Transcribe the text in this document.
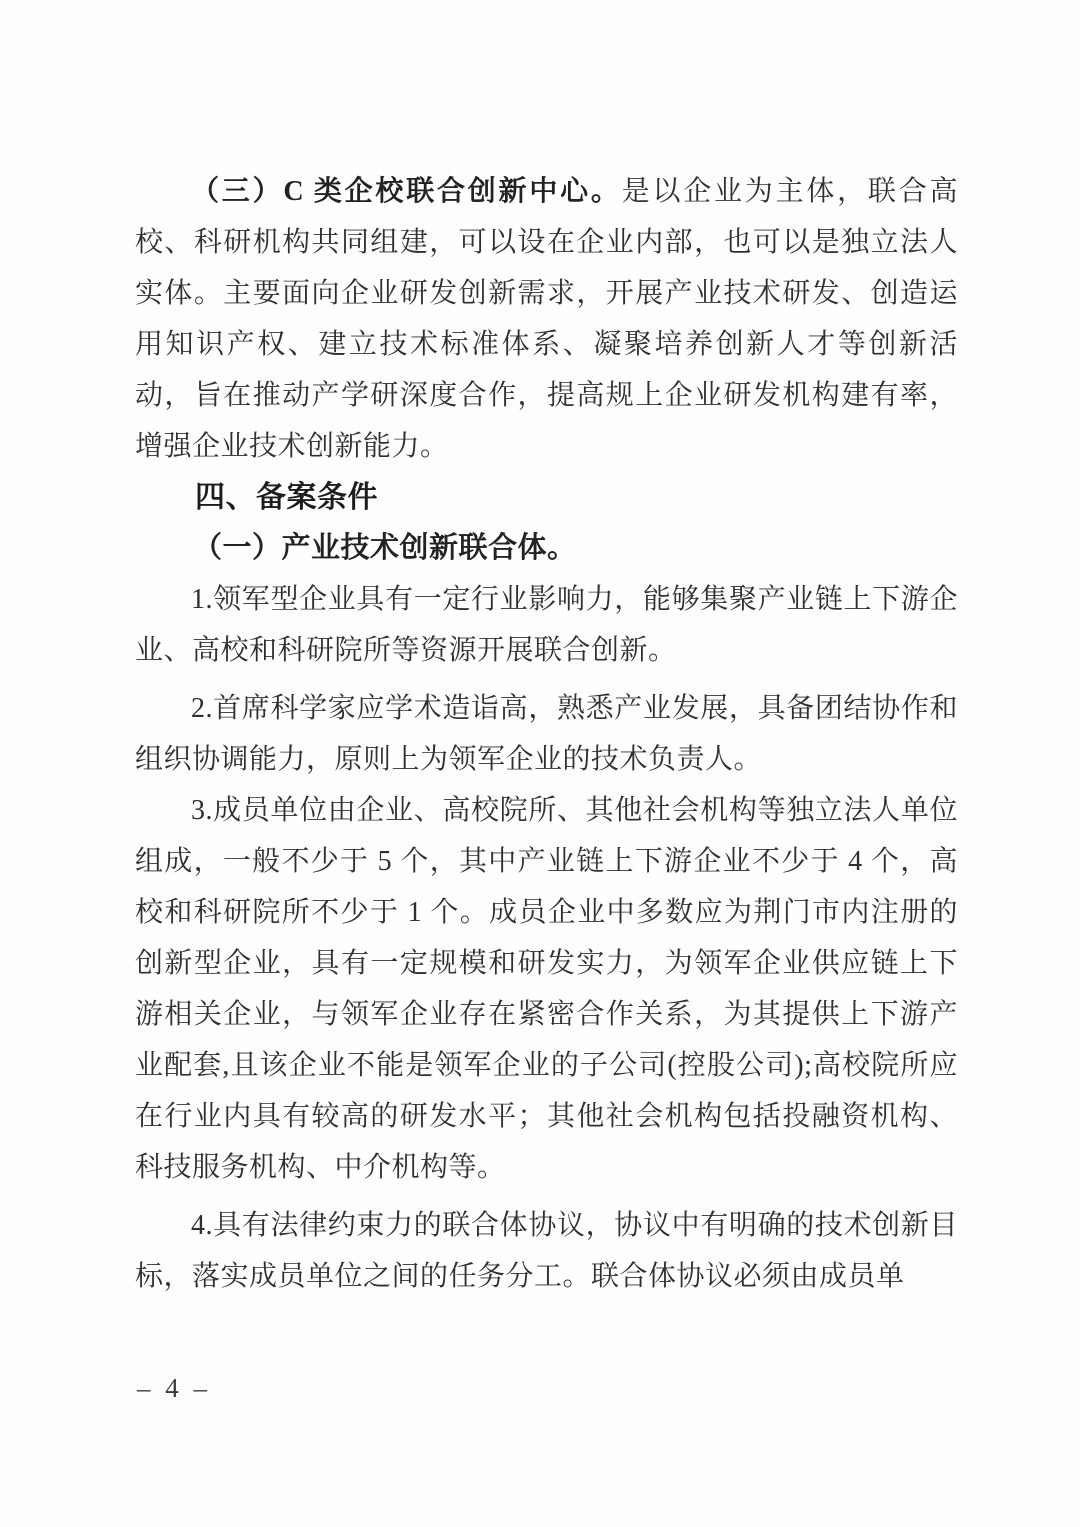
（三）C 类企校联合创新中心。是以企业为主体，联合高校、科研机构共同组建，可以设在企业内部，也可以是独立法人实体。主要面向企业研发创新需求，开展产业技术研发、创造运用知识产权、建立技术标准体系、凝聚培养创新人才等创新活动，旨在推动产学研深度合作，提高规上企业研发机构建有率，增强企业技术创新能力。

四、备案条件

（一）产业技术创新联合体。

1.领军型企业具有一定行业影响力，能够集聚产业链上下游企业、高校和科研院所等资源开展联合创新。

2.首席科学家应学术造诣高，熟悉产业发展，具备团结协作和组织协调能力，原则上为领军企业的技术负责人。

3.成员单位由企业、高校院所、其他社会机构等独立法人单位组成，一般不少于 5 个，其中产业链上下游企业不少于 4 个，高校和科研院所不少于 1 个。成员企业中多数应为荆门市内注册的创新型企业，具有一定规模和研发实力，为领军企业供应链上下游相关企业，与领军企业存在紧密合作关系，为其提供上下游产业配套,且该企业不能是领军企业的子公司(控股公司);高校院所应在行业内具有较高的研发水平；其他社会机构包括投融资机构、科技服务机构、中介机构等。

4.具有法律约束力的联合体协议，协议中有明确的技术创新目标，落实成员单位之间的任务分工。联合体协议必须由成员单

– 4 –
